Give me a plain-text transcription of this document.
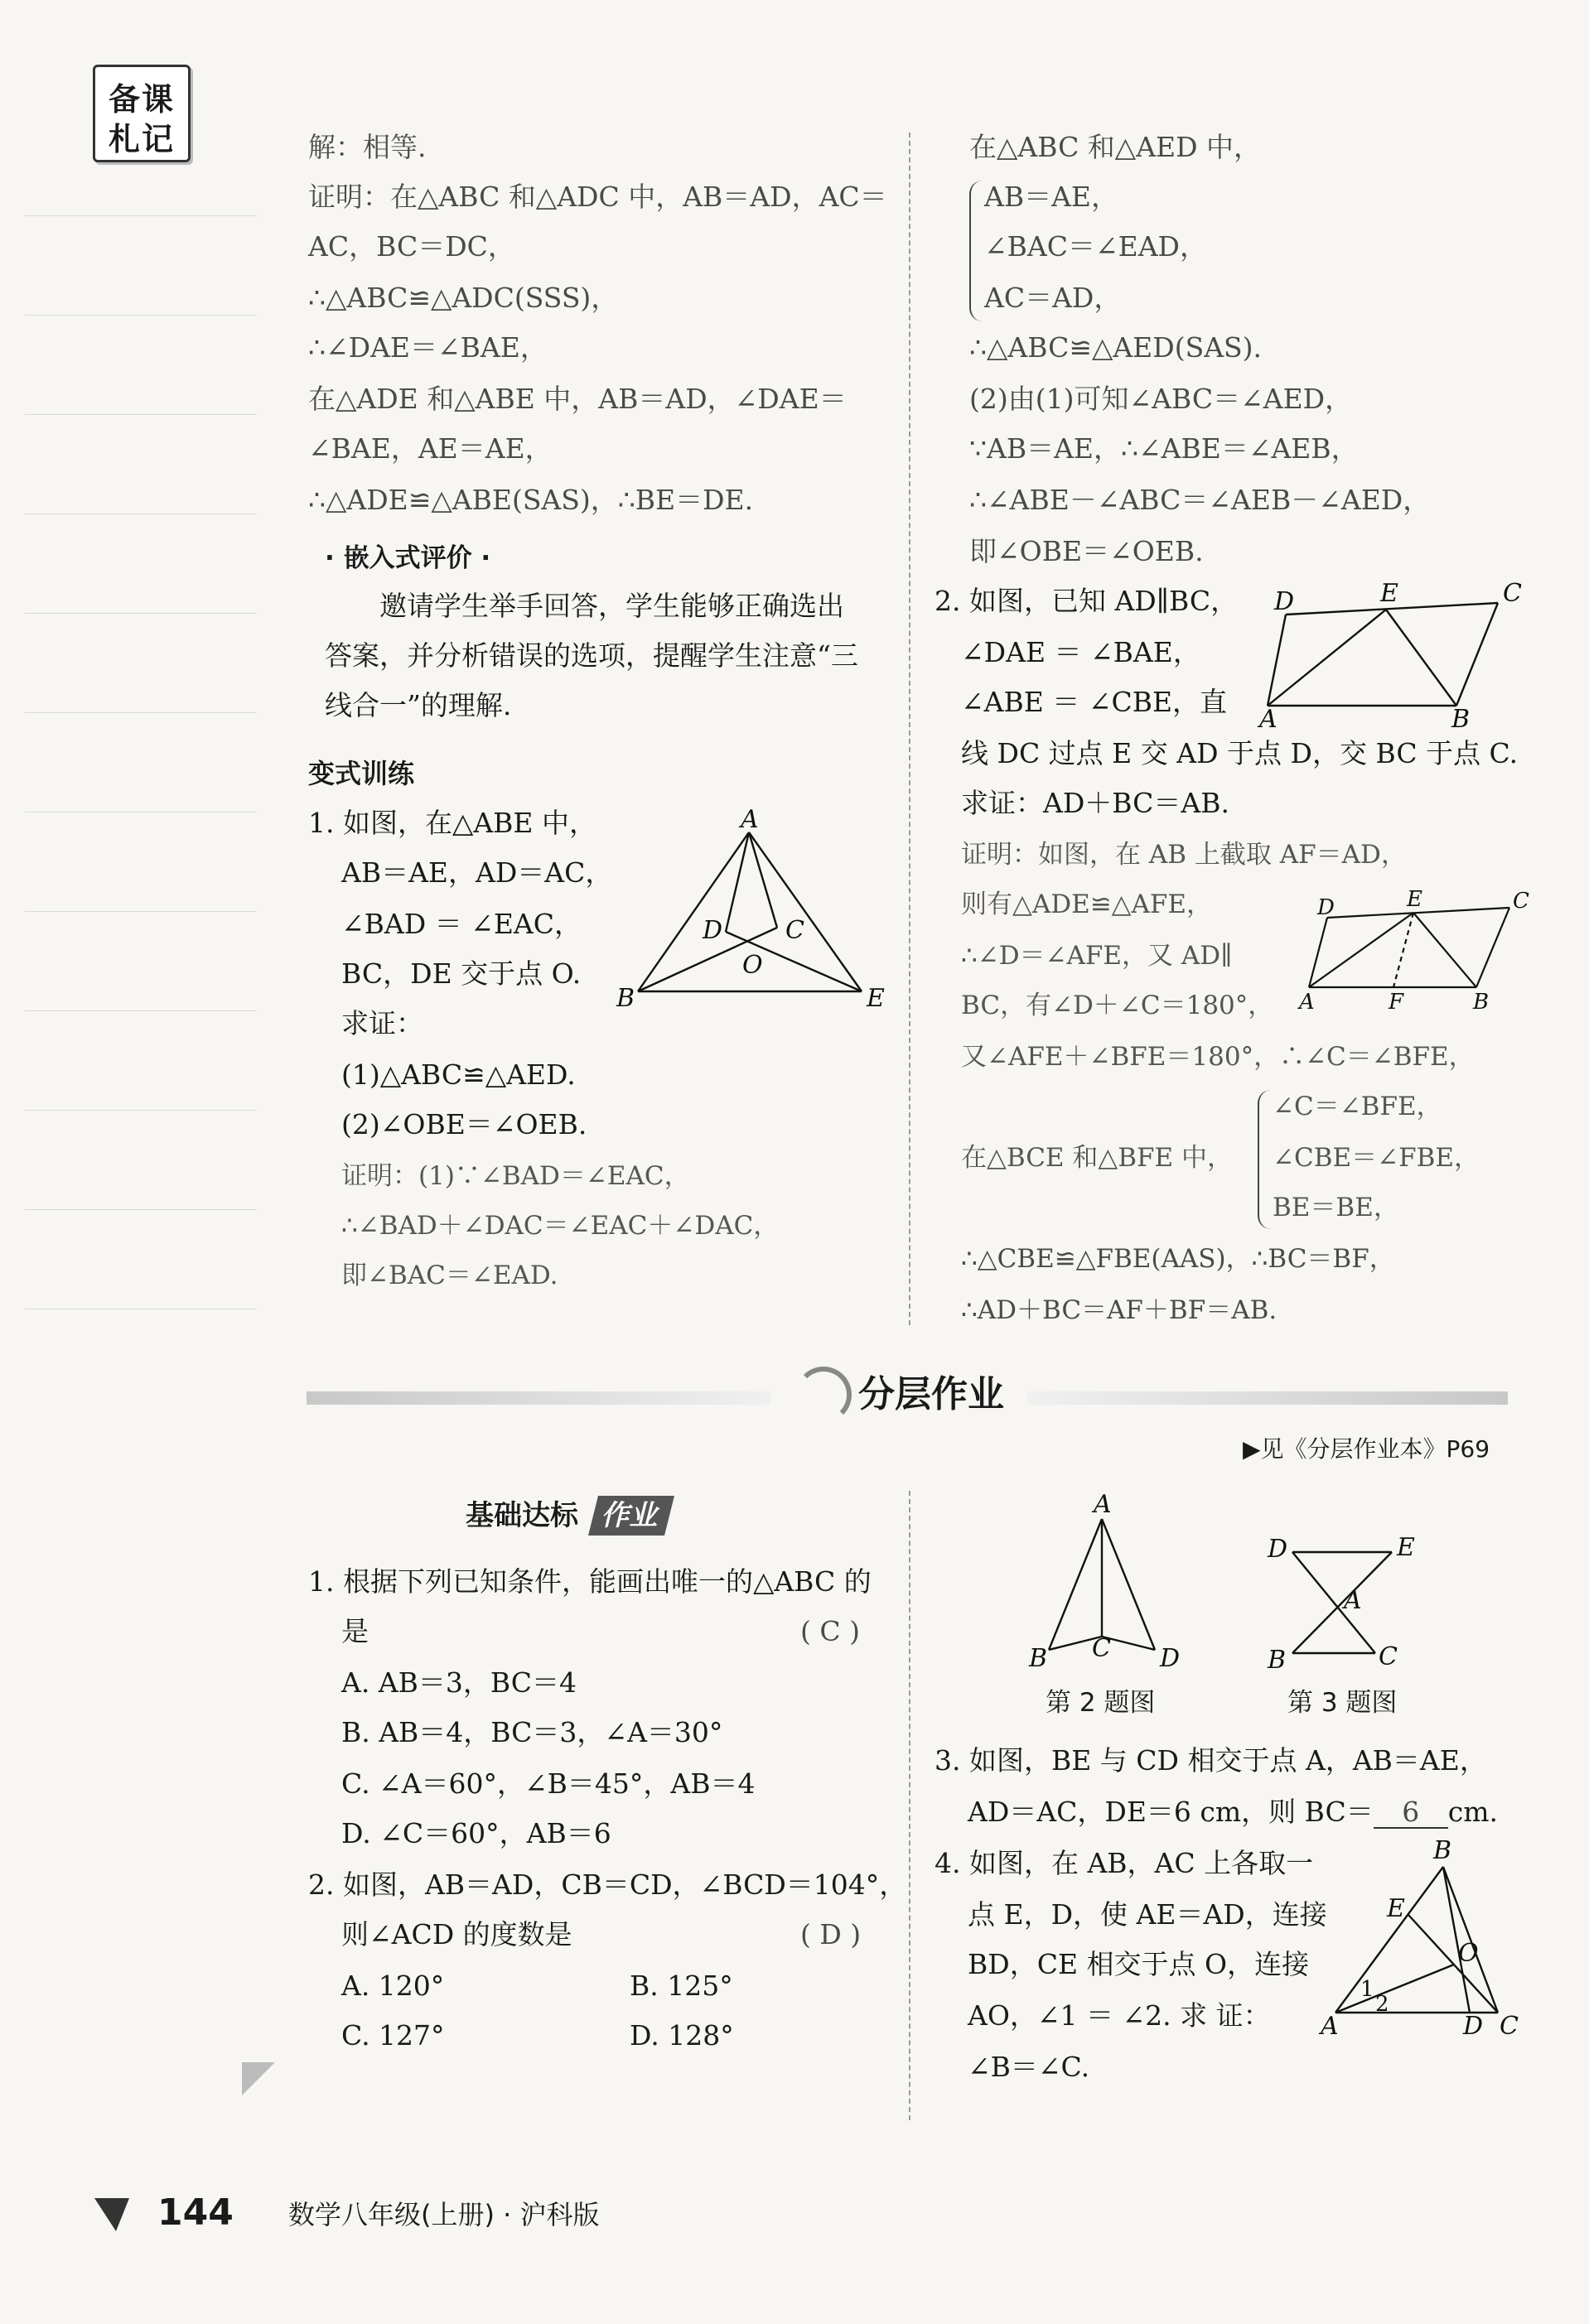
备课
札记	解：相等.
证明：在△ABC 和△ADC 中，AB＝AD，AC＝
AC，BC＝DC，
∴△ABC≌△ADC(SSS)，
∴∠DAE＝∠BAE，
在△ADE 和△ABE 中，AB＝AD，∠DAE＝
∠BAE，AE＝AE，
∴△ADE≌△ABE(SAS)，∴BE＝DE.
· 嵌入式评价 ·
邀请学生举手回答，学生能够正确选出
答案，并分析错误的选项，提醒学生注意“三
线合一”的理解.
变式训练
1. 如图，在△ABE 中，
AB＝AE，AD＝AC，
∠BAD ＝ ∠EAC，
BC，DE 交于点 O.
求证：
(1)△ABC≌△AED.
(2)∠OBE＝∠OEB.
证明：(1)∵∠BAD＝∠EAC，
∴∠BAD＋∠DAC＝∠EAC＋∠DAC，
即∠BAC＝∠EAD.
A
B	E
D	C
O
在△ABC 和△AED 中，
AB＝AE，
∠BAC＝∠EAD，
AC＝AD，
∴△ABC≌△AED(SAS).
(2)由(1)可知∠ABC＝∠AED，
∵AB＝AE，∴∠ABE＝∠AEB，
∴∠ABE－∠ABC＝∠AEB－∠AED，
即∠OBE＝∠OEB.
2. 如图，已知 AD∥BC，
∠DAE ＝ ∠BAE，
∠ABE ＝ ∠CBE，直
线 DC 过点 E 交 AD 于点 D，交 BC 于点 C.
求证：AD＋BC＝AB.
D	E	C
A	B
证明：如图，在 AB 上截取 AF＝AD，
则有△ADE≌△AFE，
∴∠D＝∠AFE，又 AD∥
BC，有∠D＋∠C＝180°，
又∠AFE＋∠BFE＝180°，∴∠C＝∠BFE，
D	E	C
A	F	B
∠C＝∠BFE，
在△BCE 和△BFE 中， ∠CBE＝∠FBE，
BE＝BE，
∴△CBE≌△FBE(AAS)，∴BC＝BF，
∴AD＋BC＝AF＋BF＝AB.
分层作业
▶见《分层作业本》P69
基础达标 作业
1. 根据下列已知条件，能画出唯一的△ABC 的
是	( C )
A. AB＝3，BC＝4
B. AB＝4，BC＝3，∠A＝30°
C. ∠A＝60°，∠B＝45°，AB＝4
D. ∠C＝60°，AB＝6
2. 如图，AB＝AD，CB＝CD，∠BCD＝104°，
则∠ACD 的度数是	( D )
A. 120°	B. 125°
C. 127°	D. 128°
A
B C D
第 2 题图
D	E
A
B	C
第 3 题图
3. 如图，BE 与 CD 相交于点 A，AB＝AE，
AD＝AC，DE＝6 cm，则 BC＝ 6 cm.
4. 如图，在 AB，AC 上各取一
点 E，D，使 AE＝AD，连接
BD，CE 相交于点 O，连接
AO，∠1 ＝ ∠2. 求 证：
∠B＝∠C.
B
E
O
1
2
A	D C
144 数学八年级(上册) · 沪科版
